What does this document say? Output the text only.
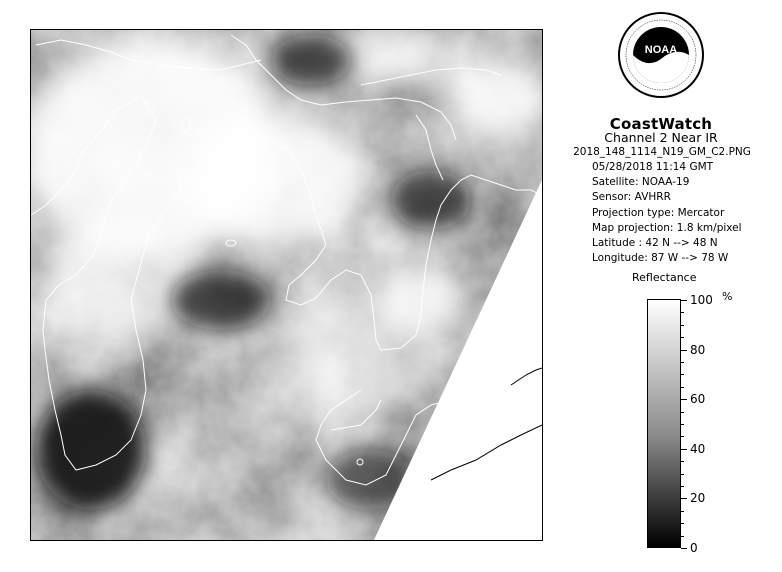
NOAA
CoastWatch
Channel 2 Near IR
2018_148_1114_N19_GM_C2.PNG
05/28/2018 11:14 GMT
Satellite: NOAA-19
Sensor: AVHRR
Projection type: Mercator
Map projection: 1.8 km/pixel
Latitude : 42 N --> 48 N
Longitude: 87 W --> 78 W
Reflectance
%
100
80
60
40
20
0
